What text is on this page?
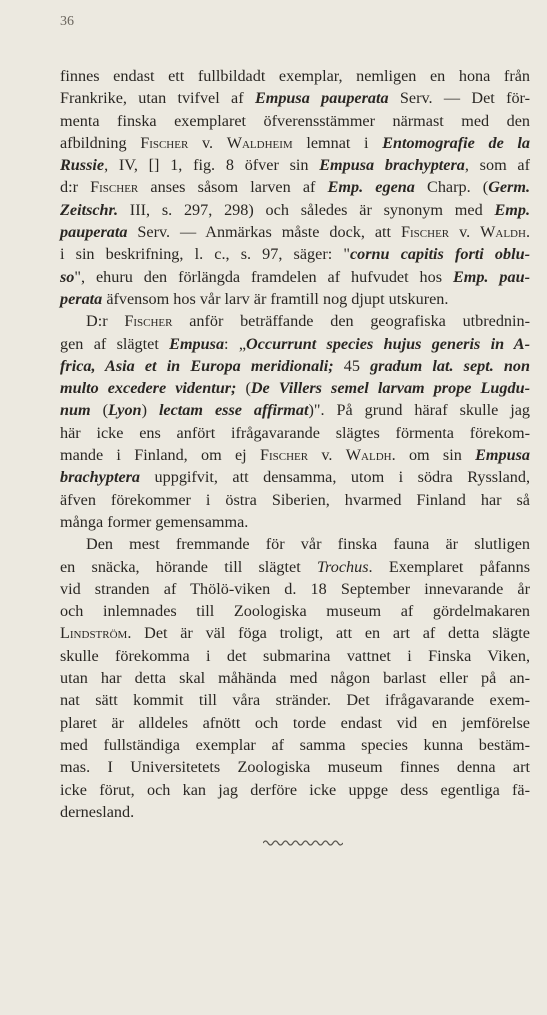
36
finnes endast ett fullbildadt exemplar, nemligen en hona från
Frankrike, utan tvifvel af Empusa pauperata Serv. — Det för-
menta finska exemplaret öfverensstämmer närmast med den
afbildning Fischer v. Waldheim lemnat i Entomografie de la
Russie, IV, [] 1, fig. 8 öfver sin Empusa brachyptera, som af
d:r Fischer anses såsom larven af Emp. egena Charp. (Germ.
Zeitschr. III, s. 297, 298) och således är synonym med Emp.
pauperata Serv. — Anmärkas måste dock, att Fischer v. Waldh.
i sin beskrifning, l. c., s. 97, säger: "cornu capitis forti oblu-
so", ehuru den förlängda framdelen af hufvudet hos Emp. pau-
perata äfvensom hos vår larv är framtill nog djupt utskuren.
D:r Fischer anför beträffande den geografiska utbrednin-
gen af slägtet Empusa: „Occurrunt species hujus generis in A-
frica, Asia et in Europa meridionali; 45 gradum lat. sept. non
multo excedere videntur; (De Villers semel larvam prope Lugdu-
num (Lyon) lectam esse affirmat)". På grund häraf skulle jag
här icke ens anfört ifrågavarande slägtes förmenta förekom-
mande i Finland, om ej Fischer v. Waldh. om sin Empusa
brachyptera uppgifvit, att densamma, utom i södra Ryssland,
äfven förekommer i östra Siberien, hvarmed Finland har så
många former gemensamma.
Den mest fremmande för vår finska fauna är slutligen
en snäcka, hörande till slägtet Trochus. Exemplaret påfanns
vid stranden af Thölö-viken d. 18 September innevarande år
och inlemnades till Zoologiska museum af gördelmakaren
Lindström. Det är väl föga troligt, att en art af detta slägte
skulle förekomma i det submarina vattnet i Finska Viken,
utan har detta skal måhända med någon barlast eller på an-
nat sätt kommit till våra stränder. Det ifrågavarande exem-
plaret är alldeles afnött och torde endast vid en jemförelse
med fullständiga exemplar af samma species kunna bestäm-
mas. I Universitetets Zoologiska museum finnes denna art
icke förut, och kan jag derföre icke uppge dess egentliga fä-
dernesland.
